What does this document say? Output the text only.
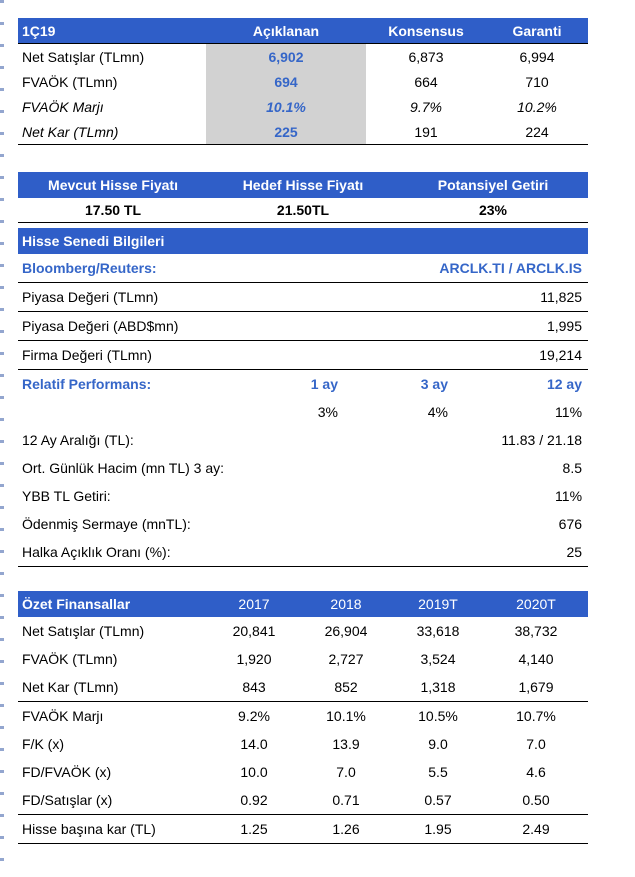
1Ç19	Açıklanan	Konsensus	Garanti
Net Satışlar (TLmn)	6,902	6,873	6,994
FVAÖK (TLmn)	694	664	710
FVAÖK Marjı	10.1%	9.7%	10.2%
Net Kar (TLmn)	225	191	224
Mevcut Hisse Fiyatı	Hedef Hisse Fiyatı	Potansiyel Getiri
17.50 TL	21.50TL	23%
Hisse Senedi Bilgileri			
Bloomberg/Reuters:		ARCLK.TI / ARCLK.IS	
Piyasa Değeri (TLmn)			11,825
Piyasa Değeri (ABD$mn)			1,995
Firma Değeri (TLmn)			19,214
Relatif Performans:	1 ay	3 ay	12 ay
	3%	4%	11%
12 Ay Aralığı (TL):		11.83 / 21.18	
Ort. Günlük Hacim (mn TL) 3 ay:			8.5
YBB TL Getiri:			11%
Ödenmiş Sermaye (mnTL):			676
Halka Açıklık Oranı (%):			25
Özet Finansallar	2017	2018	2019T	2020T
Net Satışlar (TLmn)	20,841	26,904	33,618	38,732
FVAÖK (TLmn)	1,920	2,727	3,524	4,140
Net Kar (TLmn)	843	852	1,318	1,679
FVAÖK Marjı	9.2%	10.1%	10.5%	10.7%
F/K (x)	14.0	13.9	9.0	7.0
FD/FVAÖK (x)	10.0	7.0	5.5	4.6
FD/Satışlar (x)	0.92	0.71	0.57	0.50
Hisse başına kar (TL)	1.25	1.26	1.95	2.49
